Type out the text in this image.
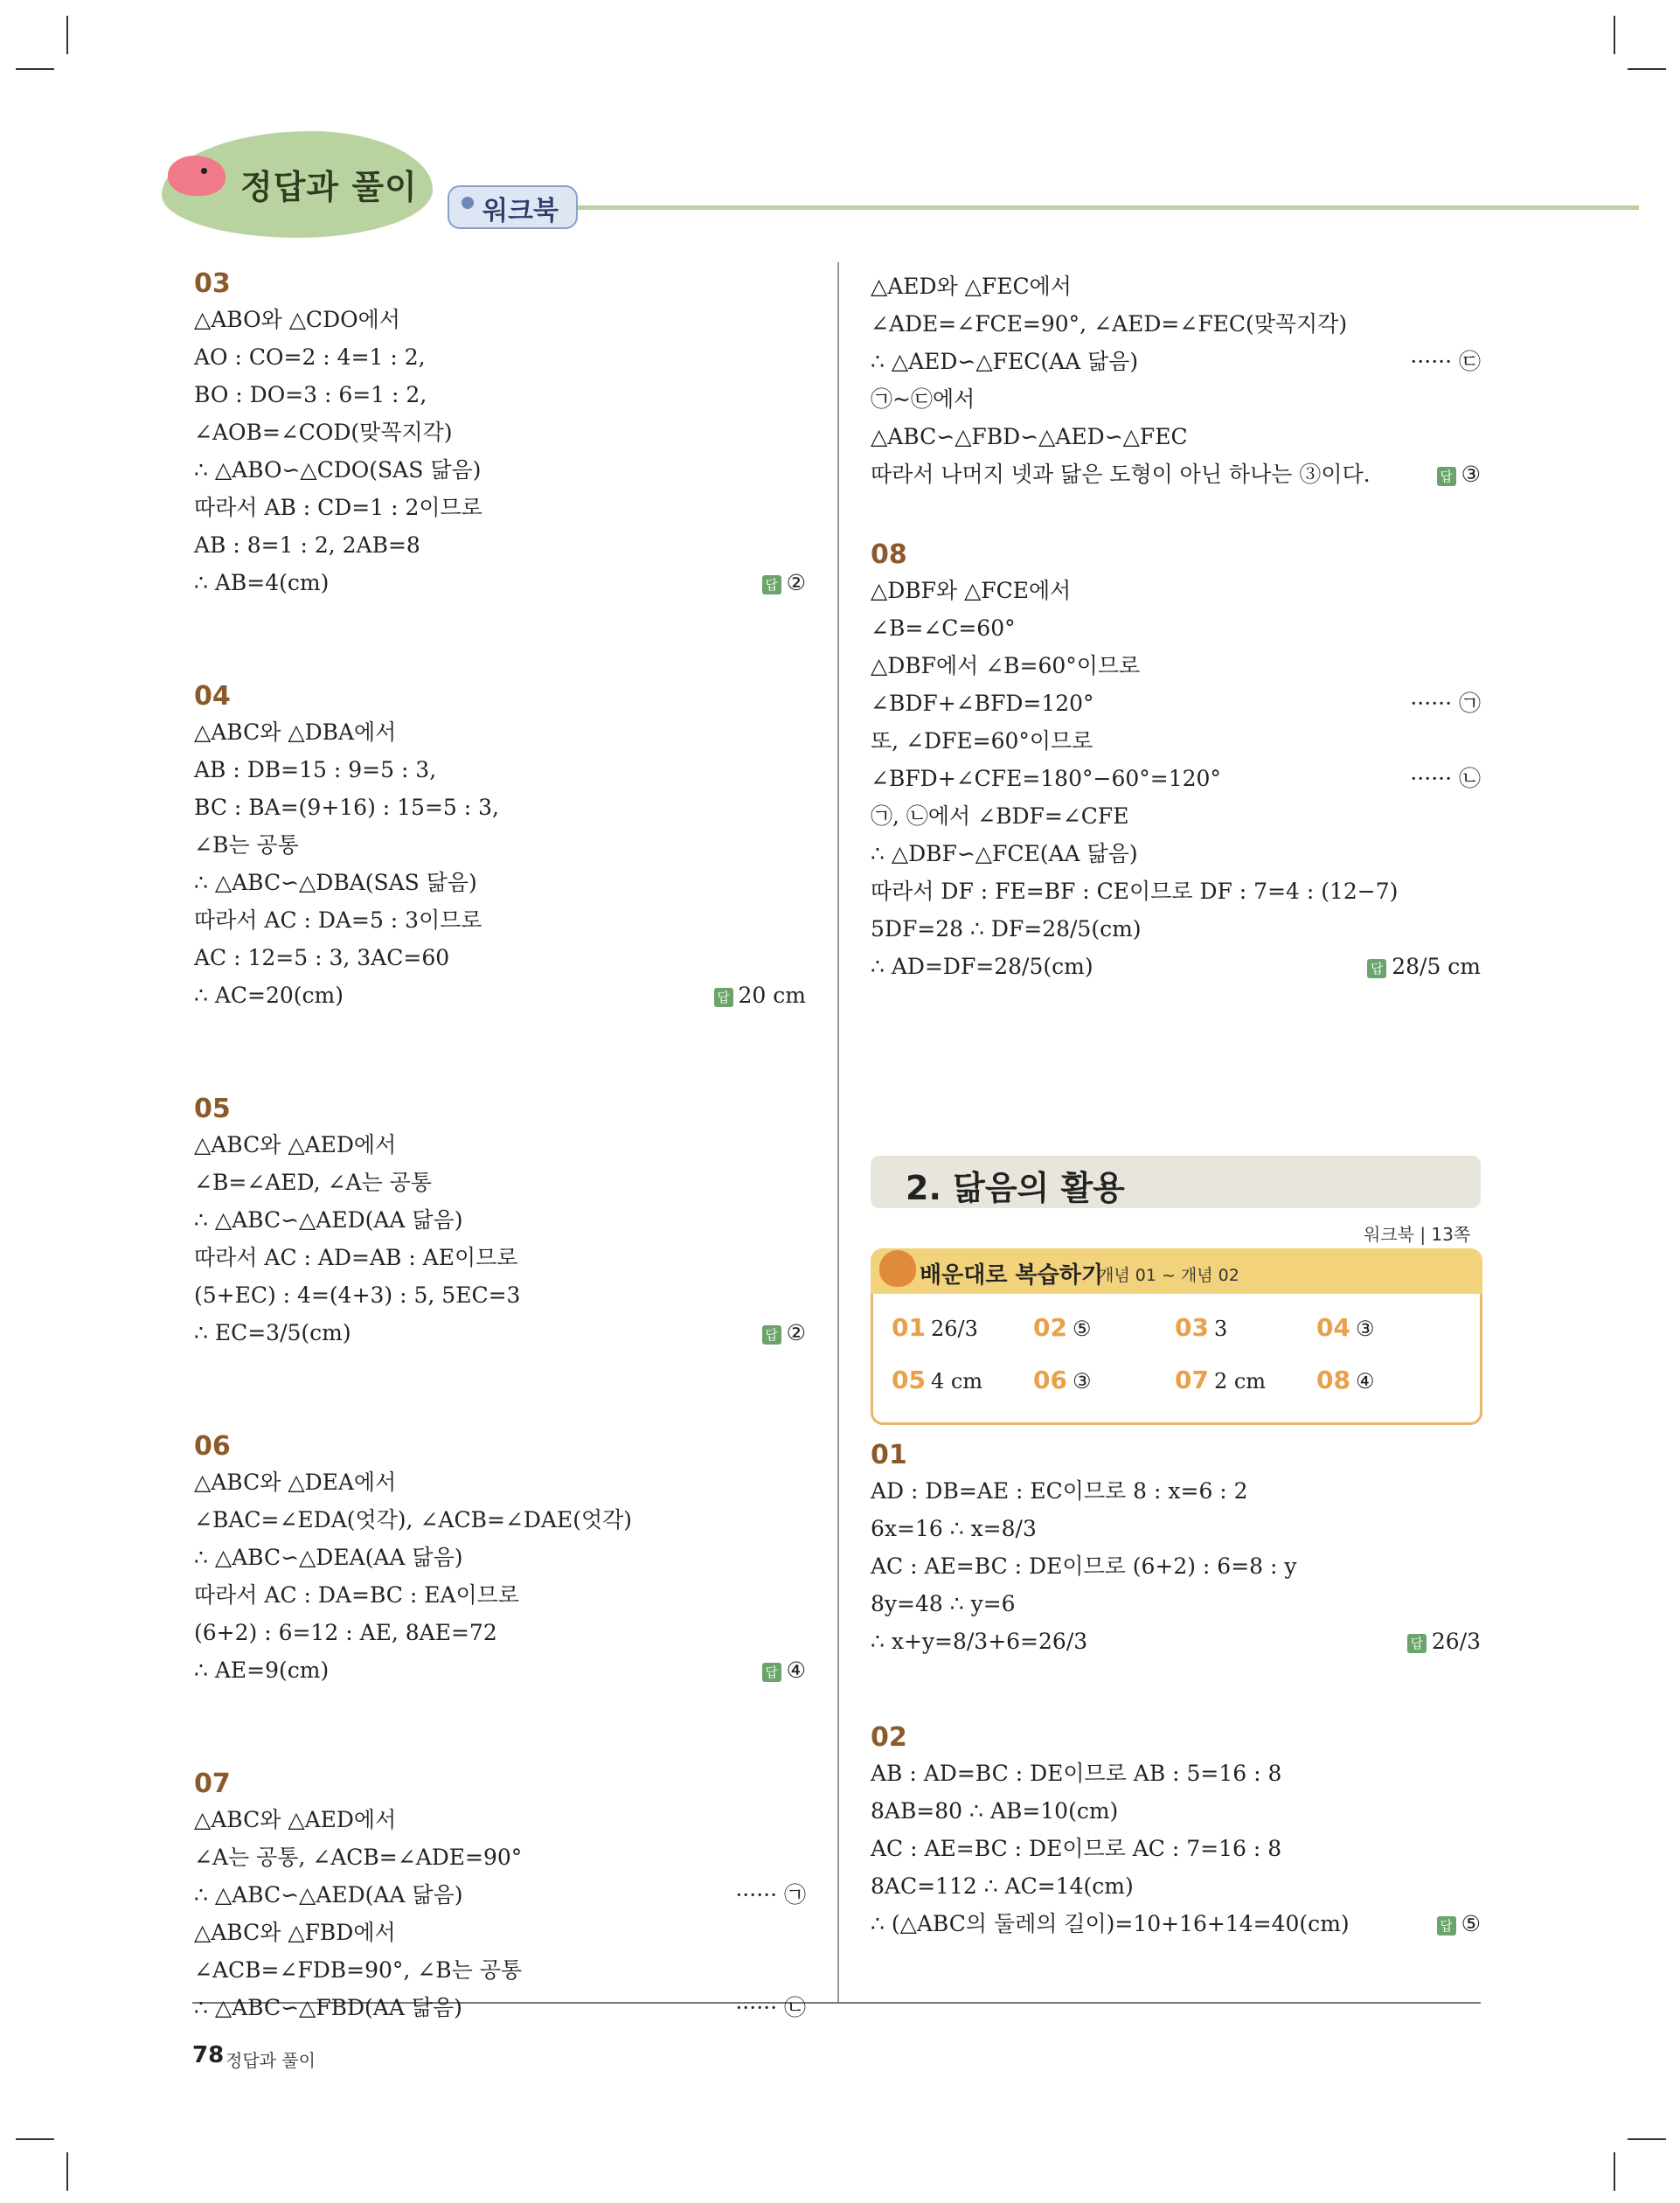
정답과 풀이
워크북
03
△ABO와 △CDO에서
AO : CO=2 : 4=1 : 2,
BO : DO=3 : 6=1 : 2,
∠AOB=∠COD(맞꼭지각)
∴ △ABO∽△CDO(SAS 닮음)
따라서 AB : CD=1 : 2이므로
AB : 8=1 : 2, 2AB=8
∴ AB=4(cm)	답 ②
04
△ABC와 △DBA에서
AB : DB=15 : 9=5 : 3,
BC : BA=(9+16) : 15=5 : 3,
∠B는 공통
∴ △ABC∽△DBA(SAS 닮음)
따라서 AC : DA=5 : 3이므로
AC : 12=5 : 3, 3AC=60
∴ AC=20(cm)	답 20 cm
05
△ABC와 △AED에서
∠B=∠AED, ∠A는 공통
∴ △ABC∽△AED(AA 닮음)
따라서 AC : AD=AB : AE이므로
(5+EC) : 4=(4+3) : 5, 5EC=3
∴ EC=3/5(cm)	답 ②
06
△ABC와 △DEA에서
∠BAC=∠EDA(엇각), ∠ACB=∠DAE(엇각)
∴ △ABC∽△DEA(AA 닮음)
따라서 AC : DA=BC : EA이므로
(6+2) : 6=12 : AE, 8AE=72
∴ AE=9(cm)	답 ④
07
△ABC와 △AED에서
∠A는 공통, ∠ACB=∠ADE=90°
∴ △ABC∽△AED(AA 닮음)	······ ㉠
△ABC와 △FBD에서
∠ACB=∠FDB=90°, ∠B는 공통
∴ △ABC∽△FBD(AA 닮음)	······ ㉡
△AED와 △FEC에서
∠ADE=∠FCE=90°, ∠AED=∠FEC(맞꼭지각)
∴ △AED∽△FEC(AA 닮음)	······ ㉢
㉠~㉢에서
△ABC∽△FBD∽△AED∽△FEC
따라서 나머지 넷과 닮은 도형이 아닌 하나는 ③이다.	답 ③
08
△DBF와 △FCE에서
∠B=∠C=60°
△DBF에서 ∠B=60°이므로
∠BDF+∠BFD=120°	······ ㉠
또, ∠DFE=60°이므로
∠BFD+∠CFE=180°−60°=120°	······ ㉡
㉠, ㉡에서 ∠BDF=∠CFE
∴ △DBF∽△FCE(AA 닮음)
따라서 DF : FE=BF : CE이므로 DF : 7=4 : (12−7)
5DF=28 ∴ DF=28/5(cm)
∴ AD=DF=28/5(cm)	답 28/5 cm
2. 닮음의 활용
워크북 | 13쪽
배운대로 복습하기
개념 01 ~ 개념 02
01
AD : DB=AE : EC이므로 8 : x=6 : 2
6x=16 ∴ x=8/3
AC : AE=BC : DE이므로 (6+2) : 6=8 : y
8y=48 ∴ y=6
∴ x+y=8/3+6=26/3	답 26/3
02
AB : AD=BC : DE이므로 AB : 5=16 : 8
8AB=80 ∴ AB=10(cm)
AC : AE=BC : DE이므로 AC : 7=16 : 8
8AC=112 ∴ AC=14(cm)
∴ (△ABC의 둘레의 길이)=10+16+14=40(cm)	답 ⑤
78 정답과 풀이
01 26/3 02 ⑤	03 3	04 ③
05 4 cm 06 ③	07 2 cm 08 ④
